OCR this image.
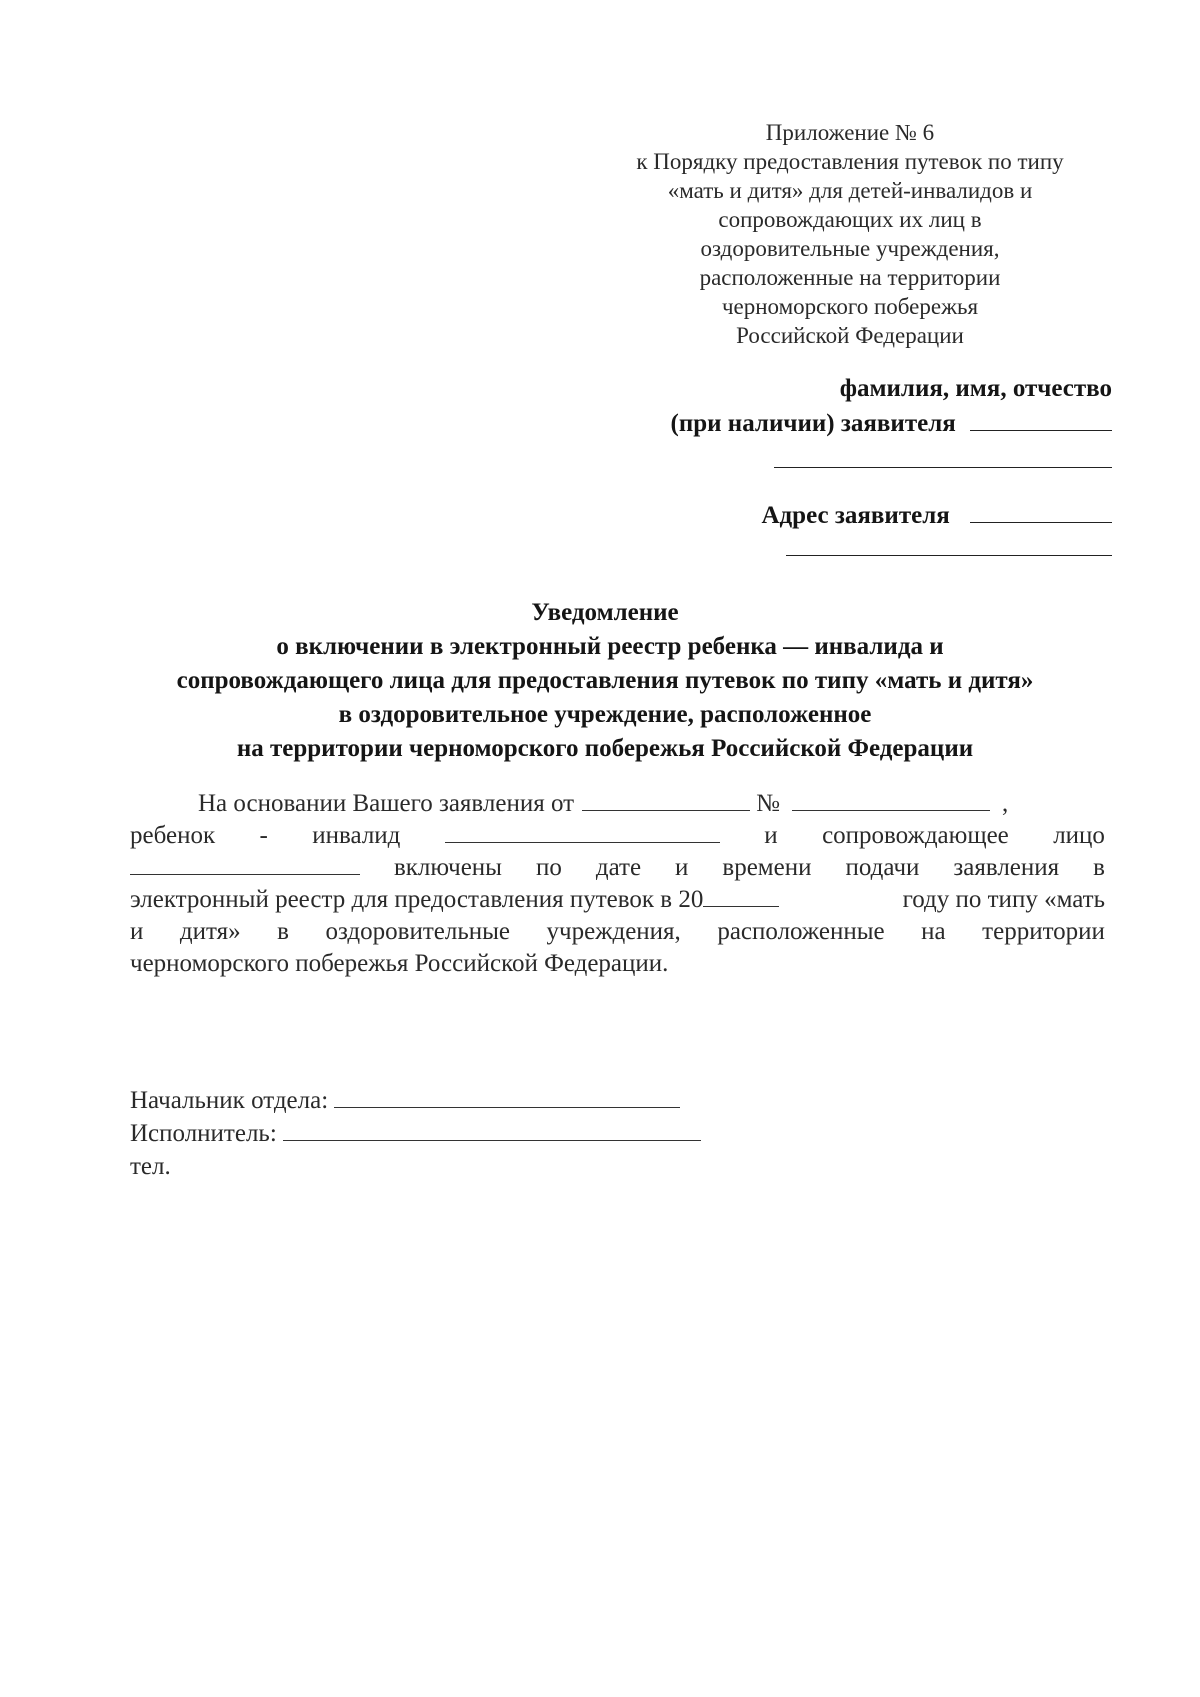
Приложение № 6
к Порядку предоставления путевок по типу
«мать и дитя» для детей-инвалидов и
сопровождающих их лиц в
оздоровительные учреждения,
расположенные на территории
черноморского побережья
Российской Федерации
фамилия, имя, отчество
(при наличии) заявителя
Адрес заявителя
Уведомление
о включении в электронный реестр ребенка — инвалида и
сопровождающего лица для предоставления путевок по типу «мать и дитя»
в оздоровительное учреждение, расположенное
на территории черноморского побережья Российской Федерации
На основании Вашего заявления от	№	,
ребенок - инвалид	и сопровождающее лицо
включены по дате и времени подачи заявления в
электронный реестр для предоставления путевок в 20	году по типу «мать
и дитя» в оздоровительные учреждения, расположенные на территории
черноморского побережья Российской Федерации.
Начальник отдела:
Исполнитель:
тел.
